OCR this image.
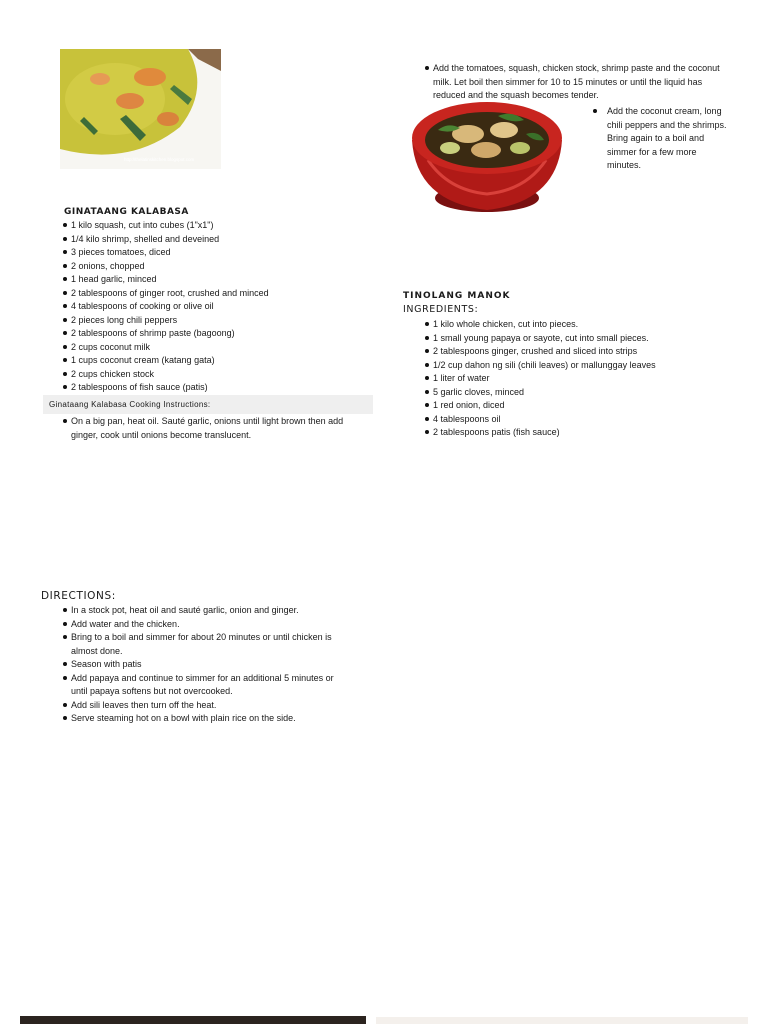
http://thelatinskitchen.blogspot.com
GINATAANG KALABASA
1 kilo squash, cut into cubes (1"x1")
1/4 kilo shrimp, shelled and deveined
3 pieces tomatoes, diced
2 onions, chopped
1 head garlic, minced
2 tablespoons of ginger root, crushed and minced
4 tablespoons of cooking or olive oil
2 pieces long chili peppers
2 tablespoons of shrimp paste (bagoong)
2 cups coconut milk
1 cups coconut cream (katang gata)
2 cups chicken stock
2 tablespoons of fish sauce (patis)
Ginataang Kalabasa Cooking Instructions:
On a big pan, heat oil. Sauté garlic, onions until light brown then add ginger, cook until onions become translucent.
Add the tomatoes, squash, chicken stock, shrimp paste and the coconut milk. Let boil then simmer for 10 to 15 minutes or until the liquid has reduced and the squash becomes tender.
Add the coconut cream, long chili peppers and the shrimps. Bring again to a boil and simmer for a few more minutes.
TINOLANG MANOK

INGREDIENTS:

1 kilo whole chicken, cut into pieces.
1 small young papaya or sayote, cut into small pieces.
2 tablespoons ginger, crushed and sliced into strips
1/2 cup dahon ng sili (chili leaves) or mallunggay leaves
1 liter of water
5 garlic cloves, minced
1 red onion, diced
4 tablespoons oil
2 tablespoons patis (fish sauce)

DIRECTIONS:

In a stock pot, heat oil and sauté garlic, onion and ginger.
Add water and the chicken.
Bring to a boil and simmer for about 20 minutes or until chicken is almost done.
Season with patis
Add papaya and continue to simmer for an additional 5 minutes or until papaya softens but not overcooked.
Add sili leaves then turn off the heat.
Serve steaming hot on a bowl with plain rice on the side.
